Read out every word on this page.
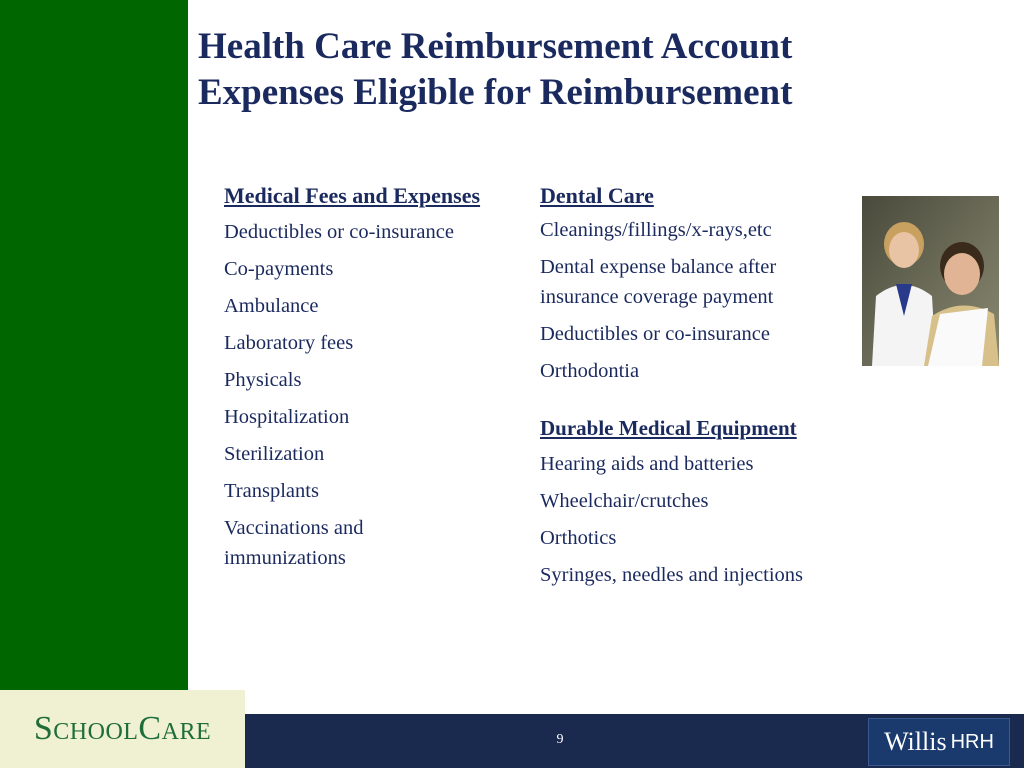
Health Care Reimbursement Account
Expenses Eligible for Reimbursement
Medical Fees and Expenses
Deductibles or co-insurance
Co-payments
Ambulance
Laboratory fees
Physicals
Hospitalization
Sterilization
Transplants
Vaccinations and immunizations
Dental Care
Cleanings/fillings/x-rays,etc
Dental expense balance after insurance coverage payment
Deductibles or co-insurance
Orthodontia
Durable Medical Equipment
Hearing aids and batteries
Wheelchair/crutches
Orthotics
Syringes, needles and injections
SchoolCare	9	Willis HRH
